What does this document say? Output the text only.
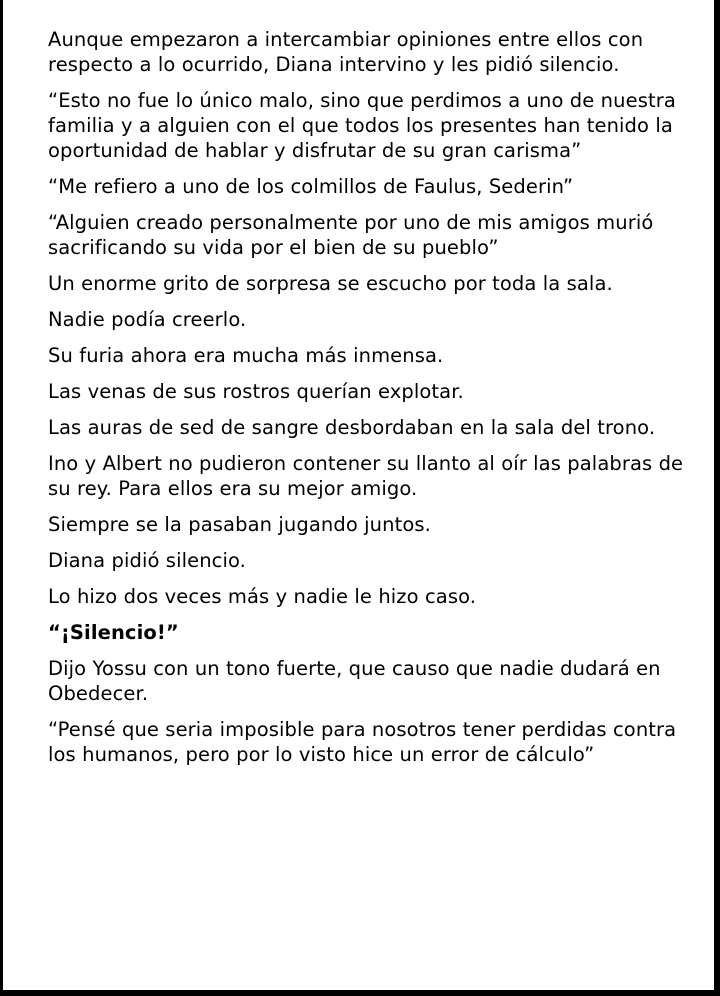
Aunque empezaron a intercambiar opiniones entre ellos con respecto a lo ocurrido, Diana intervino y les pidió silencio.

“Esto no fue lo único malo, sino que perdimos a uno de nuestra familia y a alguien con el que todos los presentes han tenido la oportunidad de hablar y disfrutar de su gran carisma”

“Me refiero a uno de los colmillos de Faulus, Sederin”

“Alguien creado personalmente por uno de mis amigos murió sacrificando su vida por el bien de su pueblo”

Un enorme grito de sorpresa se escucho por toda la sala.

Nadie podía creerlo.

Su furia ahora era mucha más inmensa.

Las venas de sus rostros querían explotar.

Las auras de sed de sangre desbordaban en la sala del trono.

Ino y Albert no pudieron contener su llanto al oír las palabras de su rey. Para ellos era su mejor amigo.

Siempre se la pasaban jugando juntos.

Diana pidió silencio.

Lo hizo dos veces más y nadie le hizo caso.

“¡Silencio!”

Dijo Yossu con un tono fuerte, que causo que nadie dudará en Obedecer.

“Pensé que seria imposible para nosotros tener perdidas contra los humanos, pero por lo visto hice un error de cálculo”
